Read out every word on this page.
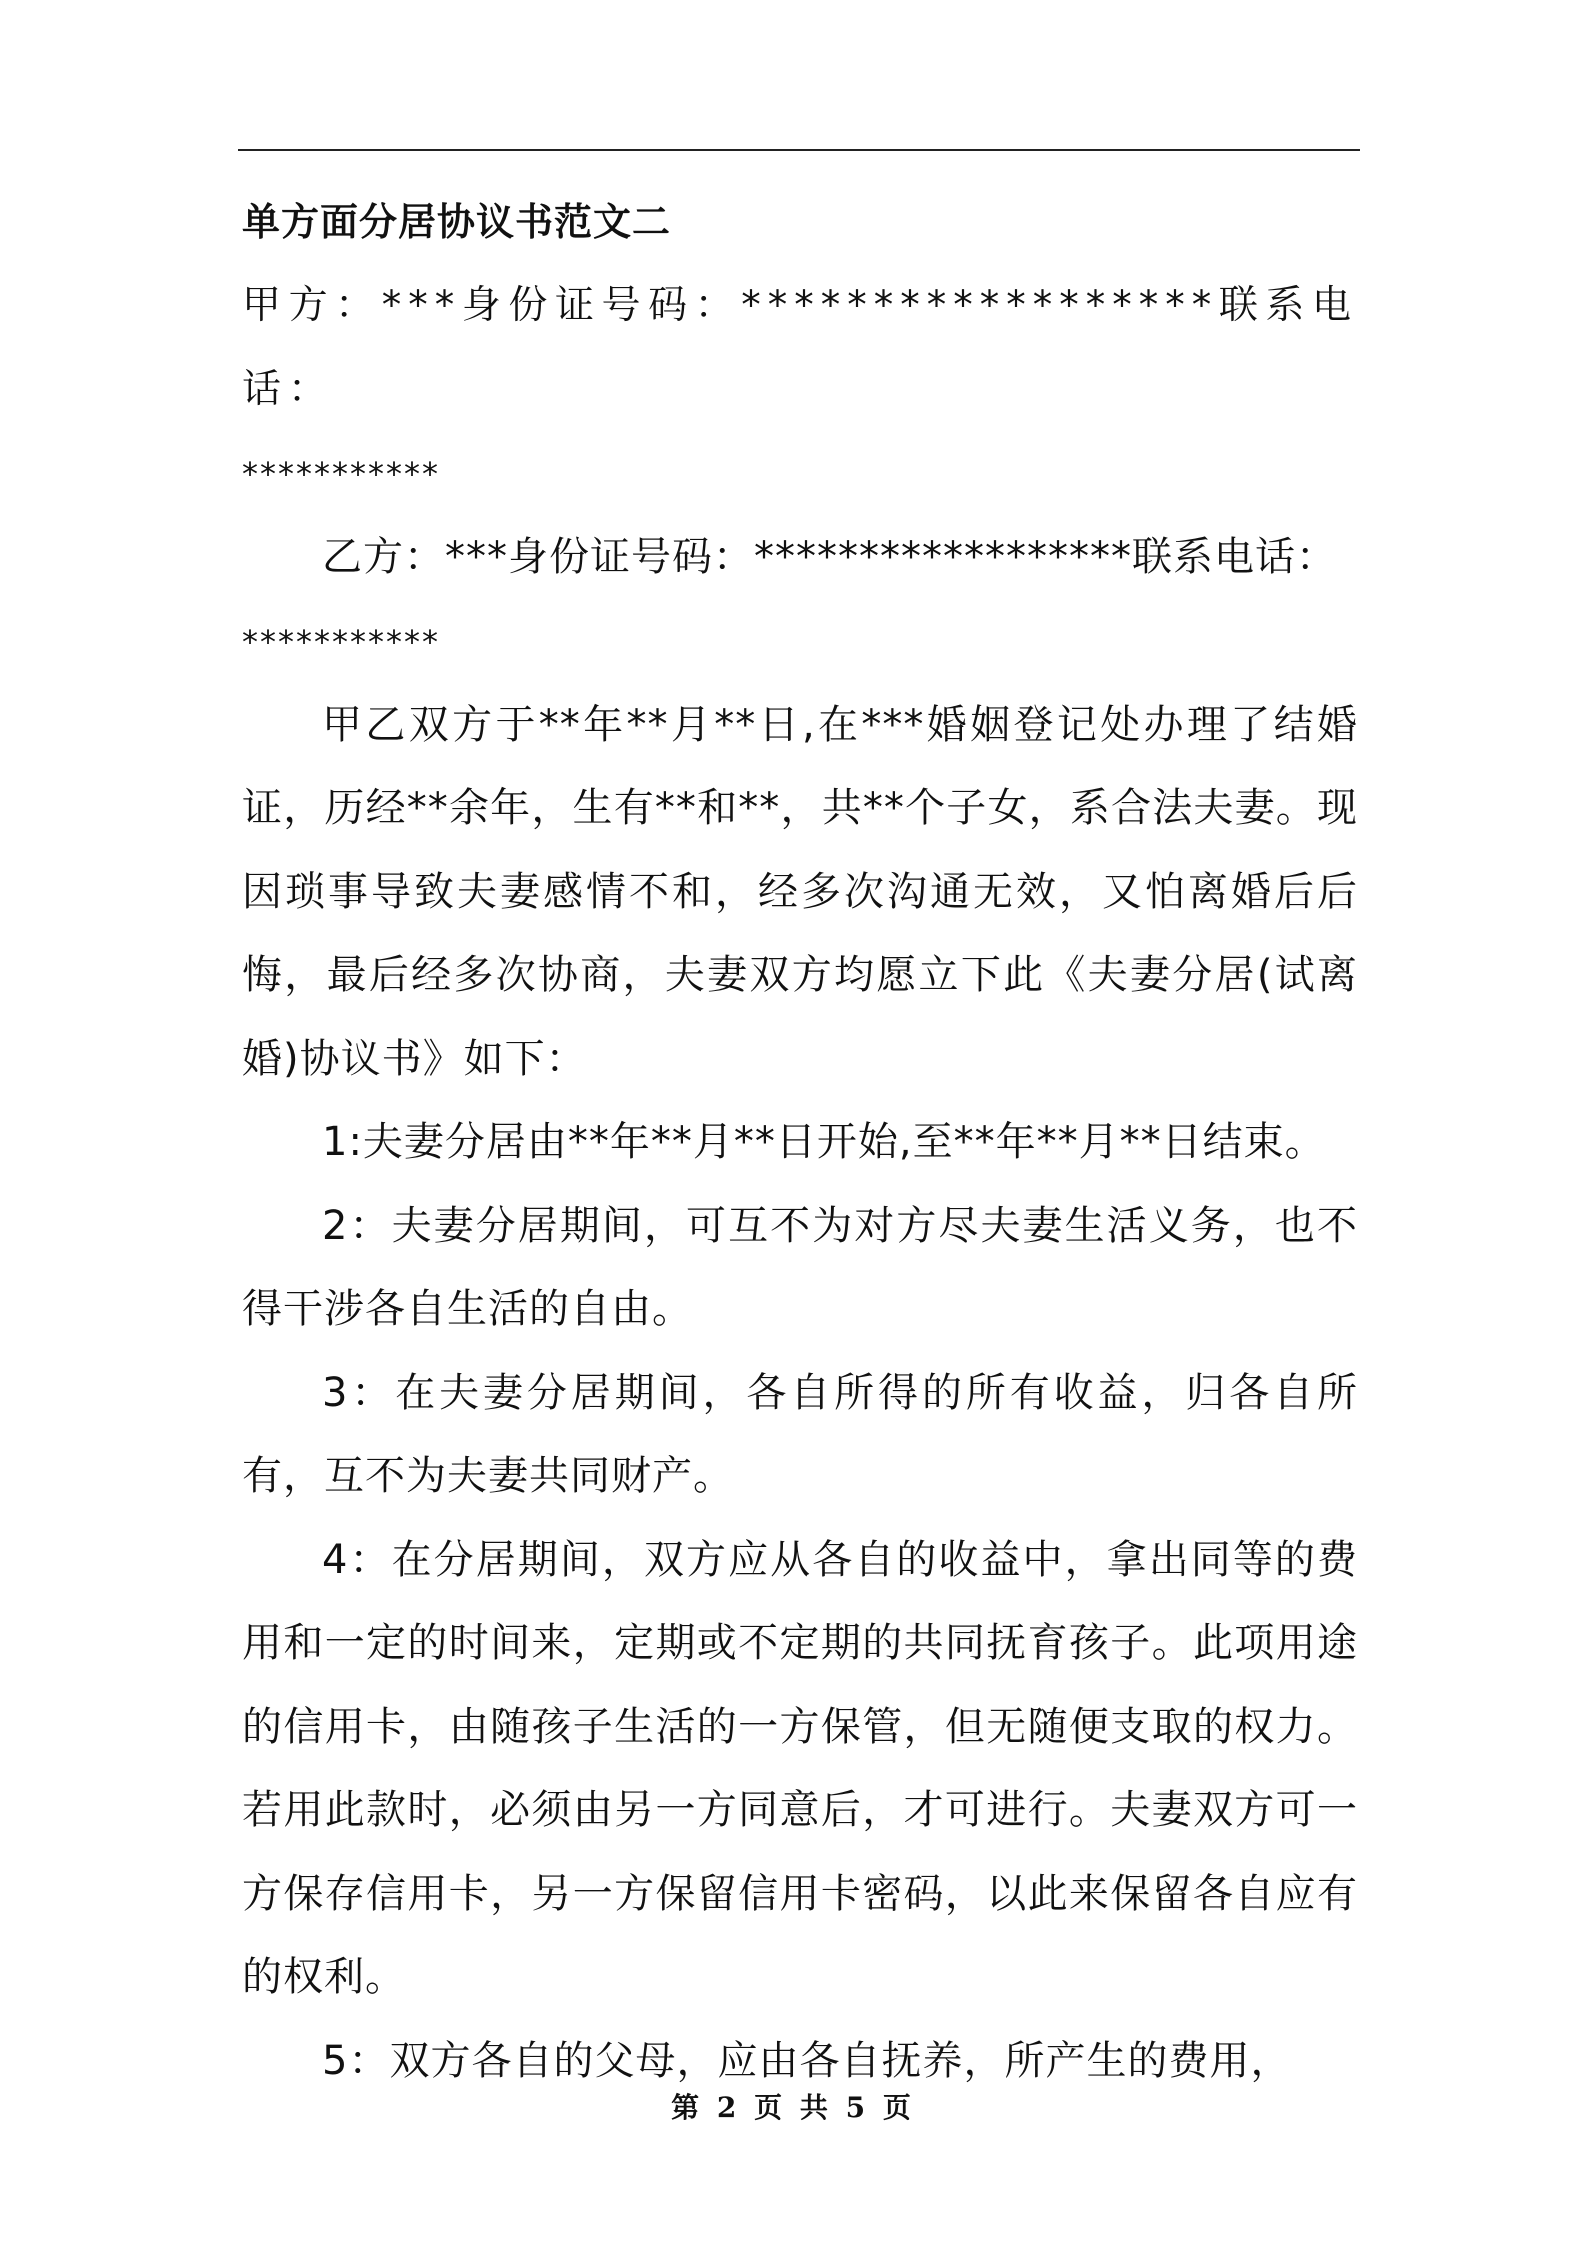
单方面分居协议书范文二

甲方：***身份证号码：******************联系电话：

***********

乙方：***身份证号码：******************联系电话：

***********

甲乙双方于**年**月**日,在***婚姻登记处办理了结婚证，历经**余年，生有**和**，共**个子女，系合法夫妻。现因琐事导致夫妻感情不和，经多次沟通无效，又怕离婚后后悔，最后经多次协商，夫妻双方均愿立下此《夫妻分居(试离婚)协议书》如下：

1:夫妻分居由**年**月**日开始,至**年**月**日结束。

2：夫妻分居期间，可互不为对方尽夫妻生活义务，也不得干涉各自生活的自由。

3：在夫妻分居期间，各自所得的所有收益，归各自所有，互不为夫妻共同财产。

4：在分居期间，双方应从各自的收益中，拿出同等的费用和一定的时间来，定期或不定期的共同抚育孩子。此项用途的信用卡，由随孩子生活的一方保管，但无随便支取的权力。若用此款时，必须由另一方同意后，才可进行。夫妻双方可一方保存信用卡，另一方保留信用卡密码，以此来保留各自应有的权利。

5：双方各自的父母，应由各自抚养，所产生的费用，

第 2 页 共 5 页
